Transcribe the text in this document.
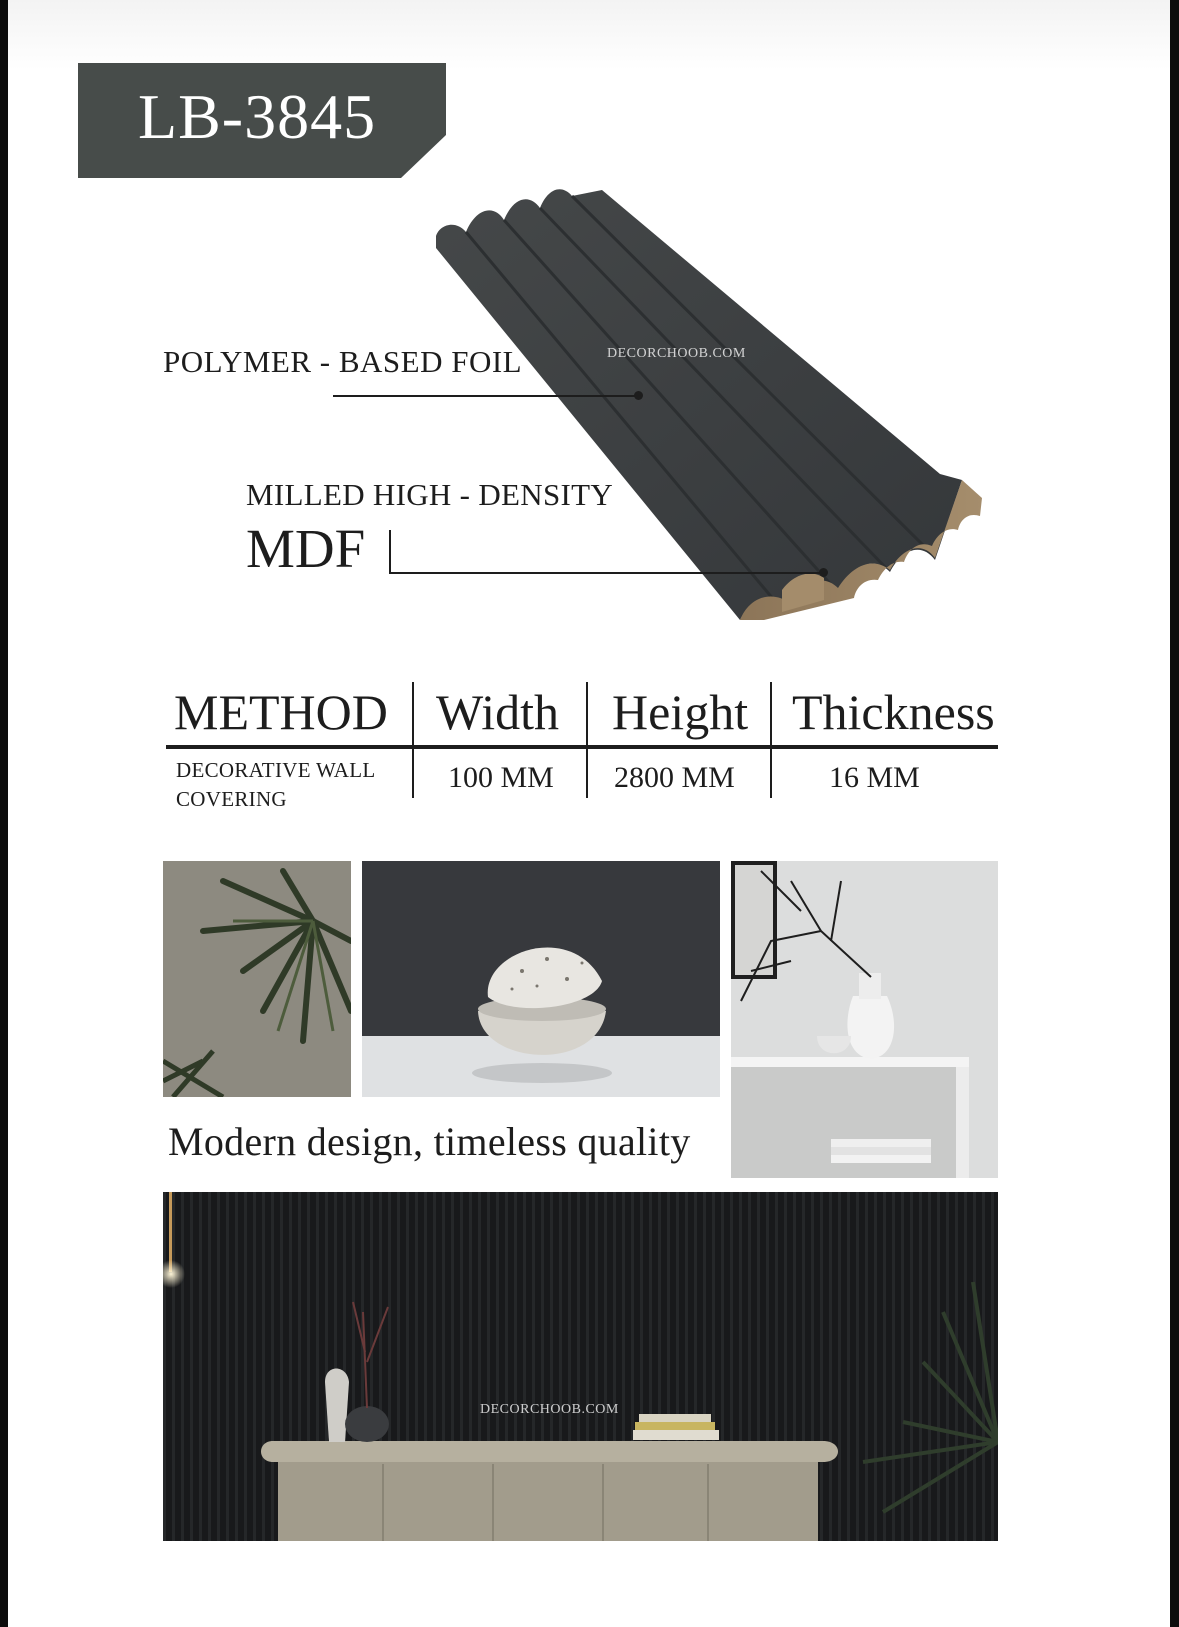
LB-3845
DECORCHOOB.COM
POLYMER - BASED FOIL
MILLED HIGH - DENSITY
MDF
METHOD Width Height Thickness
DECORATIVE WALL
COVERING
100 MM 2800 MM	16 MM
Modern design, timeless quality
DECORCHOOB.COM
